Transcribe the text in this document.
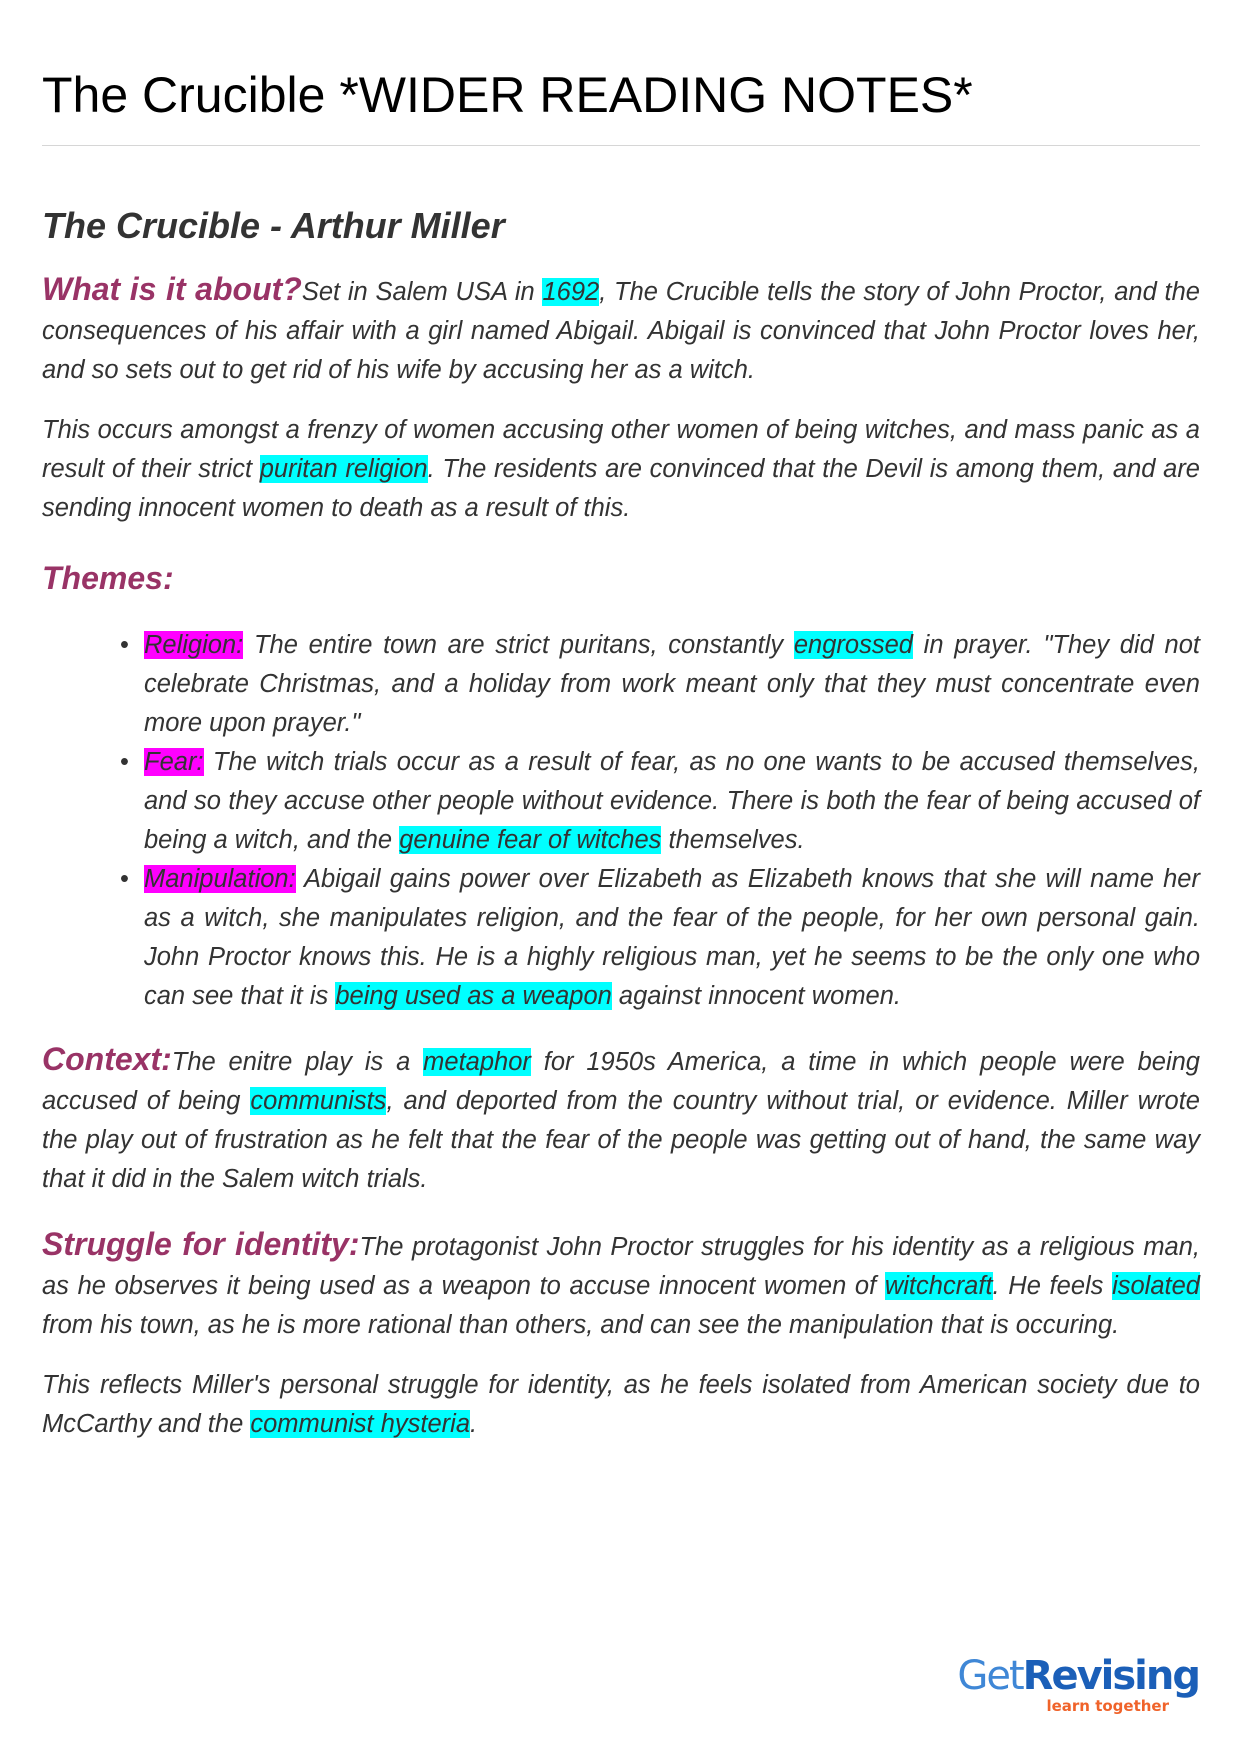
The Crucible *WIDER READING NOTES*
The Crucible - Arthur Miller

What is it about?Set in Salem USA in 1692, The Crucible tells the story of John Proctor, and the consequences of his affair with a girl named Abigail. Abigail is convinced that John Proctor loves her, and so sets out to get rid of his wife by accusing her as a witch.

This occurs amongst a frenzy of women accusing other women of being witches, and mass panic as a result of their strict puritan religion. The residents are convinced that the Devil is among them, and are sending innocent women to death as a result of this.

Themes:
• Religion: The entire town are strict puritans, constantly engrossed in prayer. "They did not celebrate Christmas, and a holiday from work meant only that they must concentrate even more upon prayer."
• Fear: The witch trials occur as a result of fear, as no one wants to be accused themselves, and so they accuse other people without evidence. There is both the fear of being accused of being a witch, and the genuine fear of witches themselves.
• Manipulation: Abigail gains power over Elizabeth as Elizabeth knows that she will name her as a witch, she manipulates religion, and the fear of the people, for her own personal gain. John Proctor knows this. He is a highly religious man, yet he seems to be the only one who can see that it is being used as a weapon against innocent women.

Context:The enitre play is a metaphor for 1950s America, a time in which people were being accused of being communists, and deported from the country without trial, or evidence. Miller wrote the play out of frustration as he felt that the fear of the people was getting out of hand, the same way that it did in the Salem witch trials.

Struggle for identity:The protagonist John Proctor struggles for his identity as a religious man, as he observes it being used as a weapon to accuse innocent women of witchcraft. He feels isolated from his town, as he is more rational than others, and can see the manipulation that is occuring.

This reflects Miller's personal struggle for identity, as he feels isolated from American society due to McCarthy and the communist hysteria.

GetRevising
learn together
